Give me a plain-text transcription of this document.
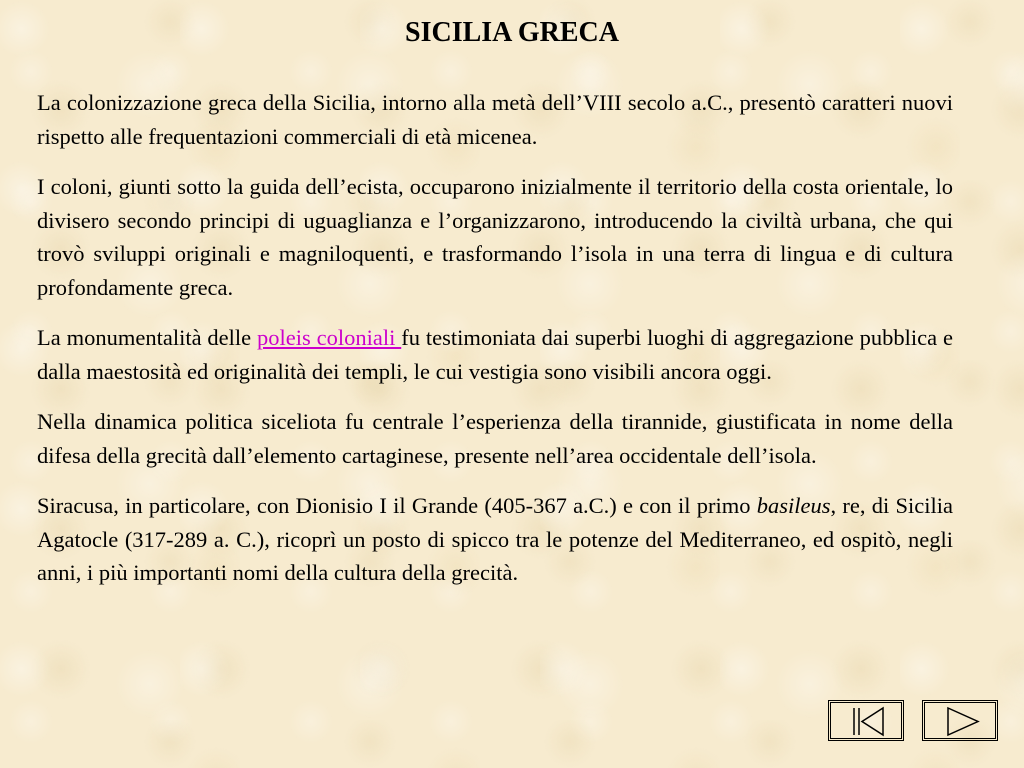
SICILIA GRECA

La colonizzazione greca della Sicilia, intorno alla metà dell’VIII secolo a.C., presentò caratteri nuovi rispetto alle frequentazioni commerciali di età micenea.

I coloni, giunti sotto la guida dell’ecista, occuparono inizialmente il territorio della costa orientale, lo divisero secondo principi di uguaglianza e l’organizzarono, introducendo la civiltà urbana, che qui trovò sviluppi originali e magniloquenti, e trasformando l’isola in una terra di lingua e di cultura profondamente greca.

La monumentalità delle poleis coloniali fu testimoniata dai superbi luoghi di aggregazione pubblica e dalla maestosità ed originalità dei templi, le cui vestigia sono visibili ancora oggi.

Nella dinamica politica siceliota fu centrale l’esperienza della tirannide, giustificata in nome della difesa della grecità dall’elemento cartaginese, presente nell’area occidentale dell’isola.

Siracusa, in particolare, con Dionisio I il Grande (405-367 a.C.) e con il primo basileus, re, di Sicilia Agatocle (317-289 a. C.), ricoprì un posto di spicco tra le potenze del Mediterraneo, ed ospitò, negli anni, i più importanti nomi della cultura della grecità.
